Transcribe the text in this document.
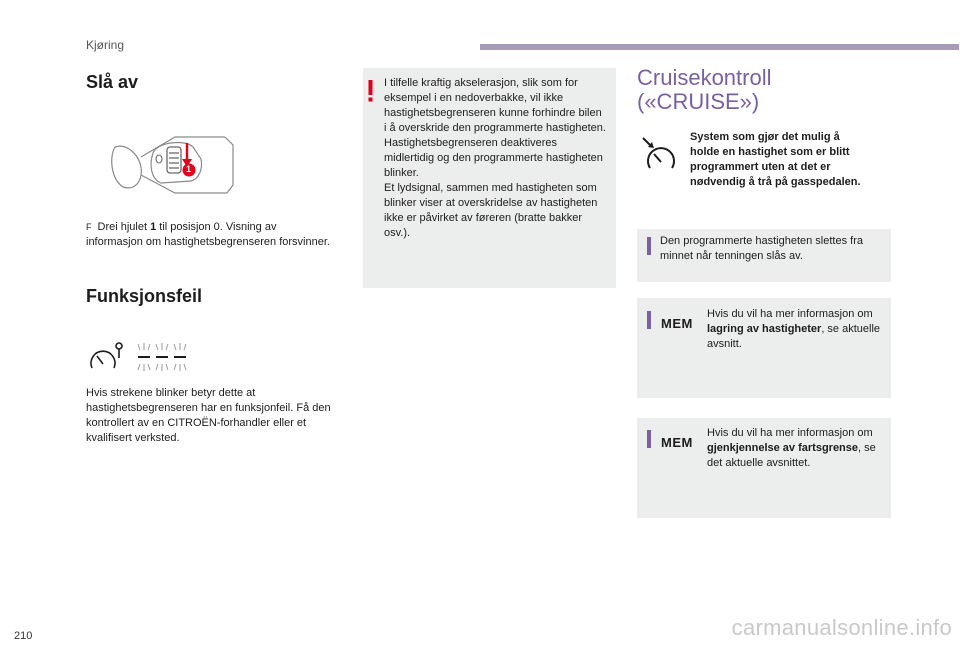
Kjøring
Slå av
1
F Drei hjulet 1 til posisjon 0. Visning av informasjon om hastighetsbegrenseren forsvinner.
Funksjonsfeil
Hvis strekene blinker betyr dette at hastighetsbegrenseren har en funksjonfeil. Få den kontrollert av en CITROËN-forhandler eller et kvalifisert verksted.
I tilfelle kraftig akselerasjon, slik som for eksempel i en nedoverbakke, vil ikke hastighetsbegrenseren kunne forhindre bilen i å overskride den programmerte hastigheten.
Hastighetsbegrenseren deaktiveres midlertidig og den programmerte hastigheten blinker.
Et lydsignal, sammen med hastigheten som blinker viser at overskridelse av hastigheten ikke er påvirket av føreren (bratte bakker osv.).
Cruisekontroll
(«CRUISE»)
System som gjør det mulig å holde en hastighet som er blitt programmert uten at det er nødvendig å trå på gasspedalen.
Den programmerte hastigheten slettes fra minnet når tenningen slås av.
MEM
Hvis du vil ha mer informasjon om lagring av hastigheter, se aktuelle avsnitt.
MEM
Hvis du vil ha mer informasjon om gjenkjennelse av fartsgrense, se det aktuelle avsnittet.
210	carmanualsonline.info
